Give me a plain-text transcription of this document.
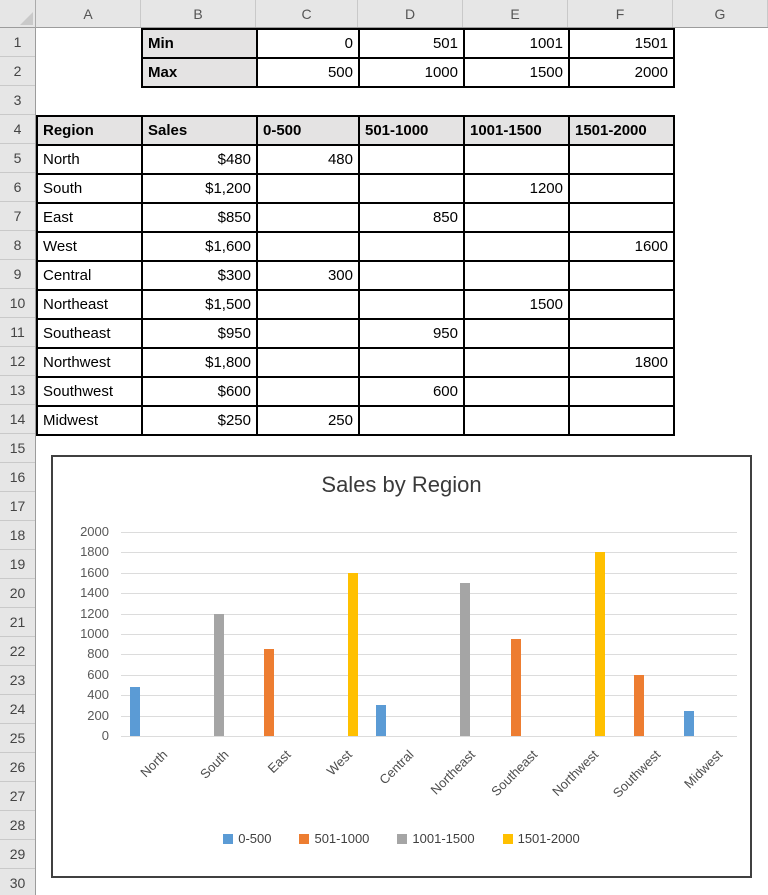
A	B	C	D	E	F	G
1
2
3
4
5
6
7
8
9
10
11
12
13
14
15
16
17
18
19
20
21
22
23
24
25
26
27
28
29
30
Min	0	501	1001	1501
Max	500	1000	1500	2000
Region	Sales	0-500	501-1000	1001-1500	1501-2000
North	$480	480			
South	$1,200			1200	
East	$850		850		
West	$1,600				1600
Central	$300	300			
Northeast	$1,500			1500	
Southeast	$950		950		
Northwest	$1,800				1800
Southwest	$600		600		
Midwest	$250	250			
Sales by Region
0
200
400
600
800
1000
1200
1400
1600
1800
2000
North South	East West Central Northeast Southeast Northwest Southwest Midwest
0-500	501-1000	1001-1500	1501-2000
